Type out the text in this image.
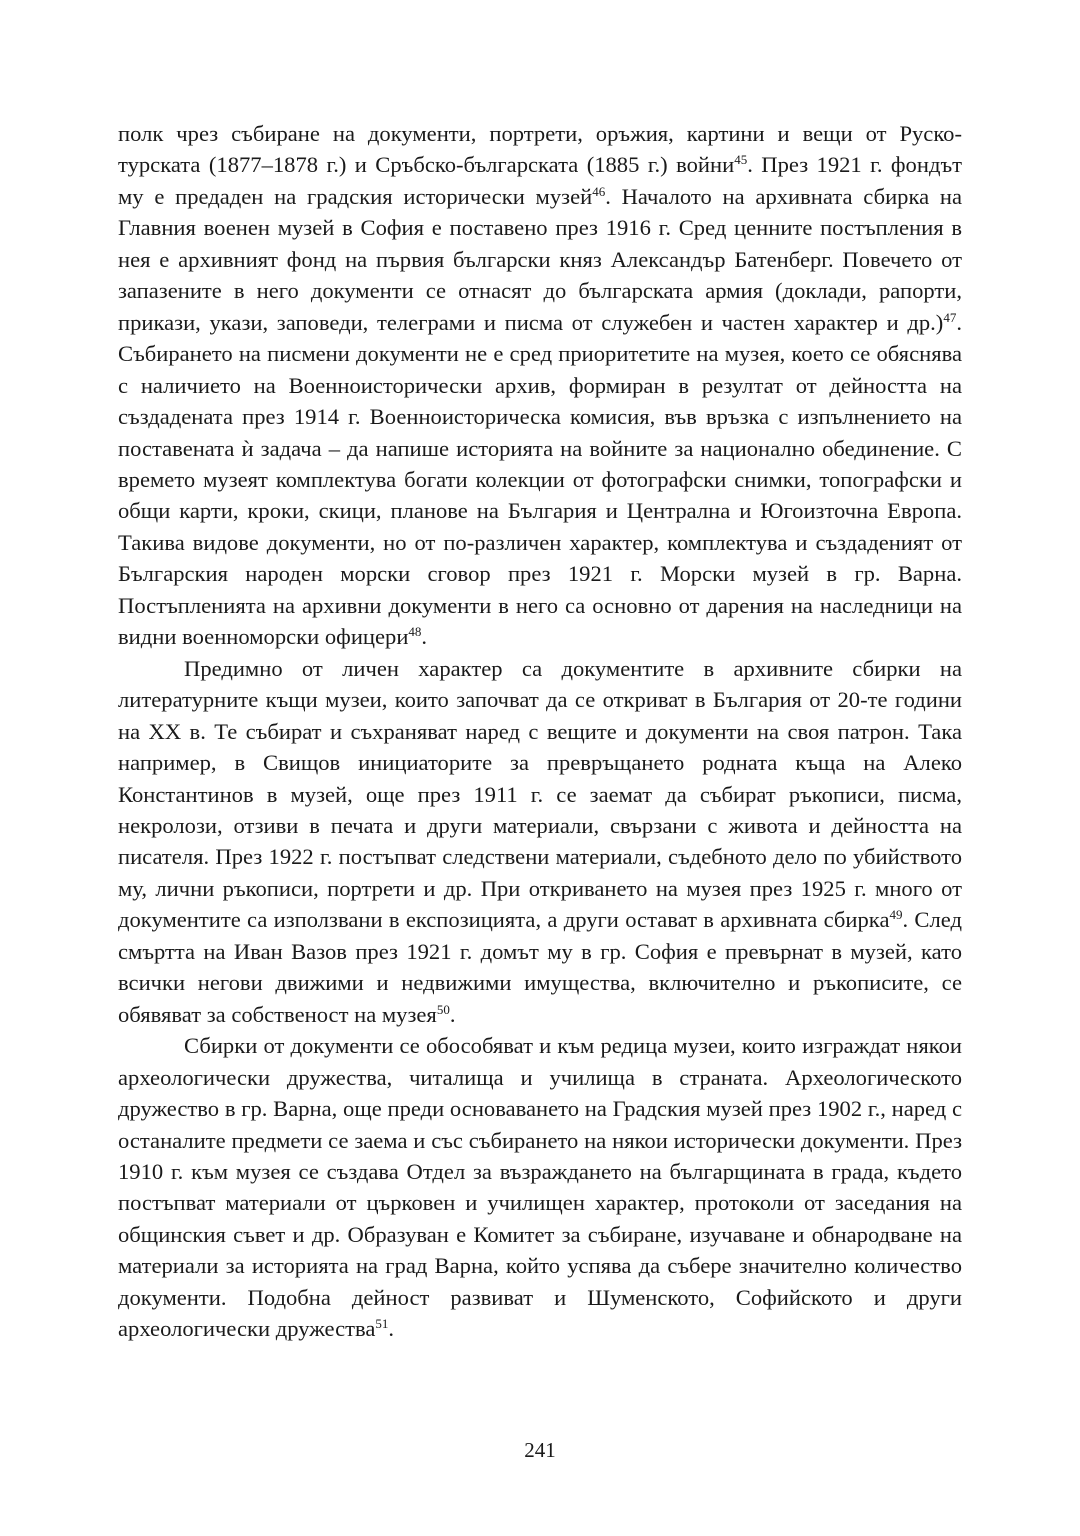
полк чрез събиране на документи, портрети, оръжия, картини и вещи от Руско-турската (1877–1878 г.) и Сръбско-българската (1885 г.) войни$^{45}$. През 1921 г. фондът му е предаден на градския исторически музей$^{46}$. Началото на архивната сбирка на Главния военен музей в София е поставено през 1916 г. Сред ценните постъпления в нея е архивният фонд на първия български княз Александър Батенберг. Повечето от запазените в него документи се отнасят до българската армия (доклади, рапорти, прикази, укази, заповеди, телеграми и писма от служебен и частен характер и др.)$^{47}$. Събирането на писмени документи не е сред приоритетите на музея, което се обяснява с наличието на Военноисторически архив, формиран в резултат от дейността на създадената през 1914 г. Военноисторическа комисия, във връзка с изпълнението на поставената ѝ задача – да напише историята на войните за национално обединение. С времето музеят комплектува богати колекции от фотографски снимки, топографски и общи карти, кроки, скици, планове на България и Централна и Югоизточна Европа. Такива видове документи, но от по-различен характер, комплектува и създаденият от Българския народен морски сговор през 1921 г. Морски музей в гр. Варна. Постъпленията на архивни документи в него са основно от дарения на наследници на видни военноморски офицери$^{48}$.

Предимно от личен характер са документите в архивните сбирки на литературните къщи музеи, които започват да се откриват в България от 20-те години на XX в. Те събират и съхраняват наред с вещите и документи на своя патрон. Така например, в Свищов инициаторите за превръщането родната къща на Алеко Константинов в музей, още през 1911 г. се заемат да събират ръкописи, писма, некролози, отзиви в печата и други материали, свързани с живота и дейността на писателя. През 1922 г. постъпват следствени материали, съдебното дело по убийството му, лични ръкописи, портрети и др. При откриването на музея през 1925 г. много от документите са използвани в експозицията, а други остават в архивната сбирка$^{49}$. След смъртта на Иван Вазов през 1921 г. домът му в гр. София е превърнат в музей, като всички негови движими и недвижими имущества, включително и ръкописите, се обявяват за собственост на музея$^{50}$.

Сбирки от документи се обособяват и към редица музеи, които изграждат някои археологически дружества, читалища и училища в страната. Археологическото дружество в гр. Варна, още преди основаването на Градския музей през 1902 г., наред с останалите предмети се заема и със събирането на някои исторически документи. През 1910 г. към музея се създава Отдел за възраждането на българщината в града, където постъпват материали от църковен и училищен характер, протоколи от заседания на общинския съвет и др. Образуван е Комитет за събиране, изучаване и обнародване на материали за историята на град Варна, който успява да събере значително количество документи. Подобна дейност развиват и Шуменското, Софийското и други археологически дружества$^{51}$.

241
